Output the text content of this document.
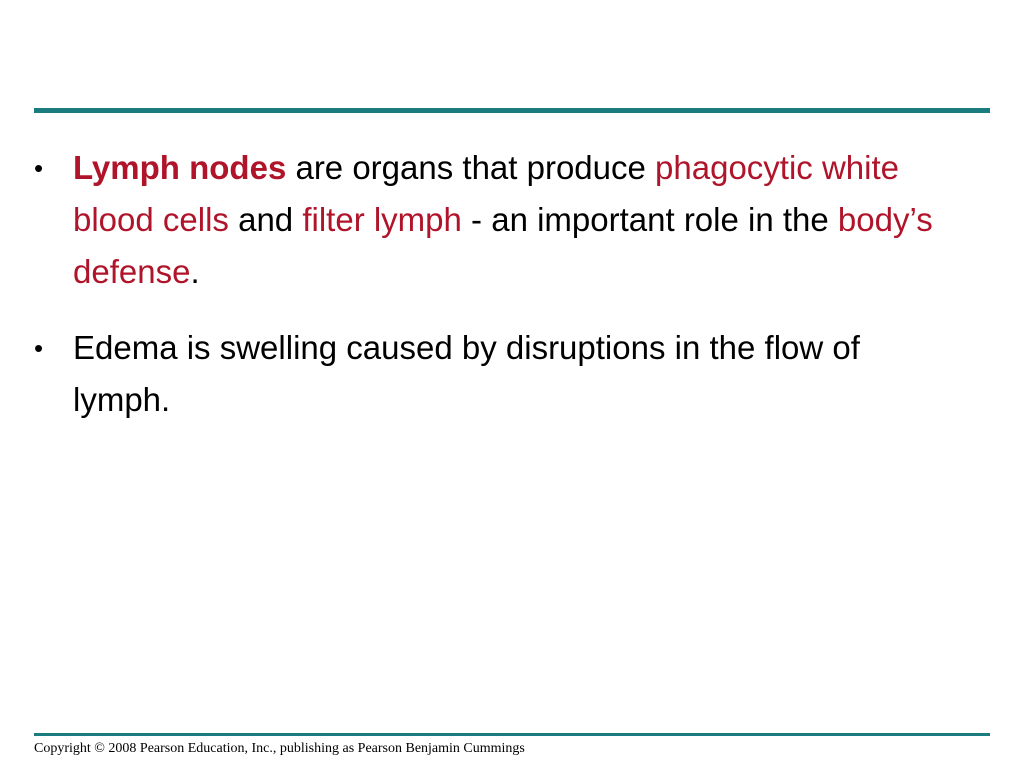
• Lymph nodes are organs that produce phagocytic white blood cells and filter lymph - an important role in the body’s defense.
• Edema is swelling caused by disruptions in the flow of lymph.
Copyright © 2008 Pearson Education, Inc., publishing as Pearson Benjamin Cummings
